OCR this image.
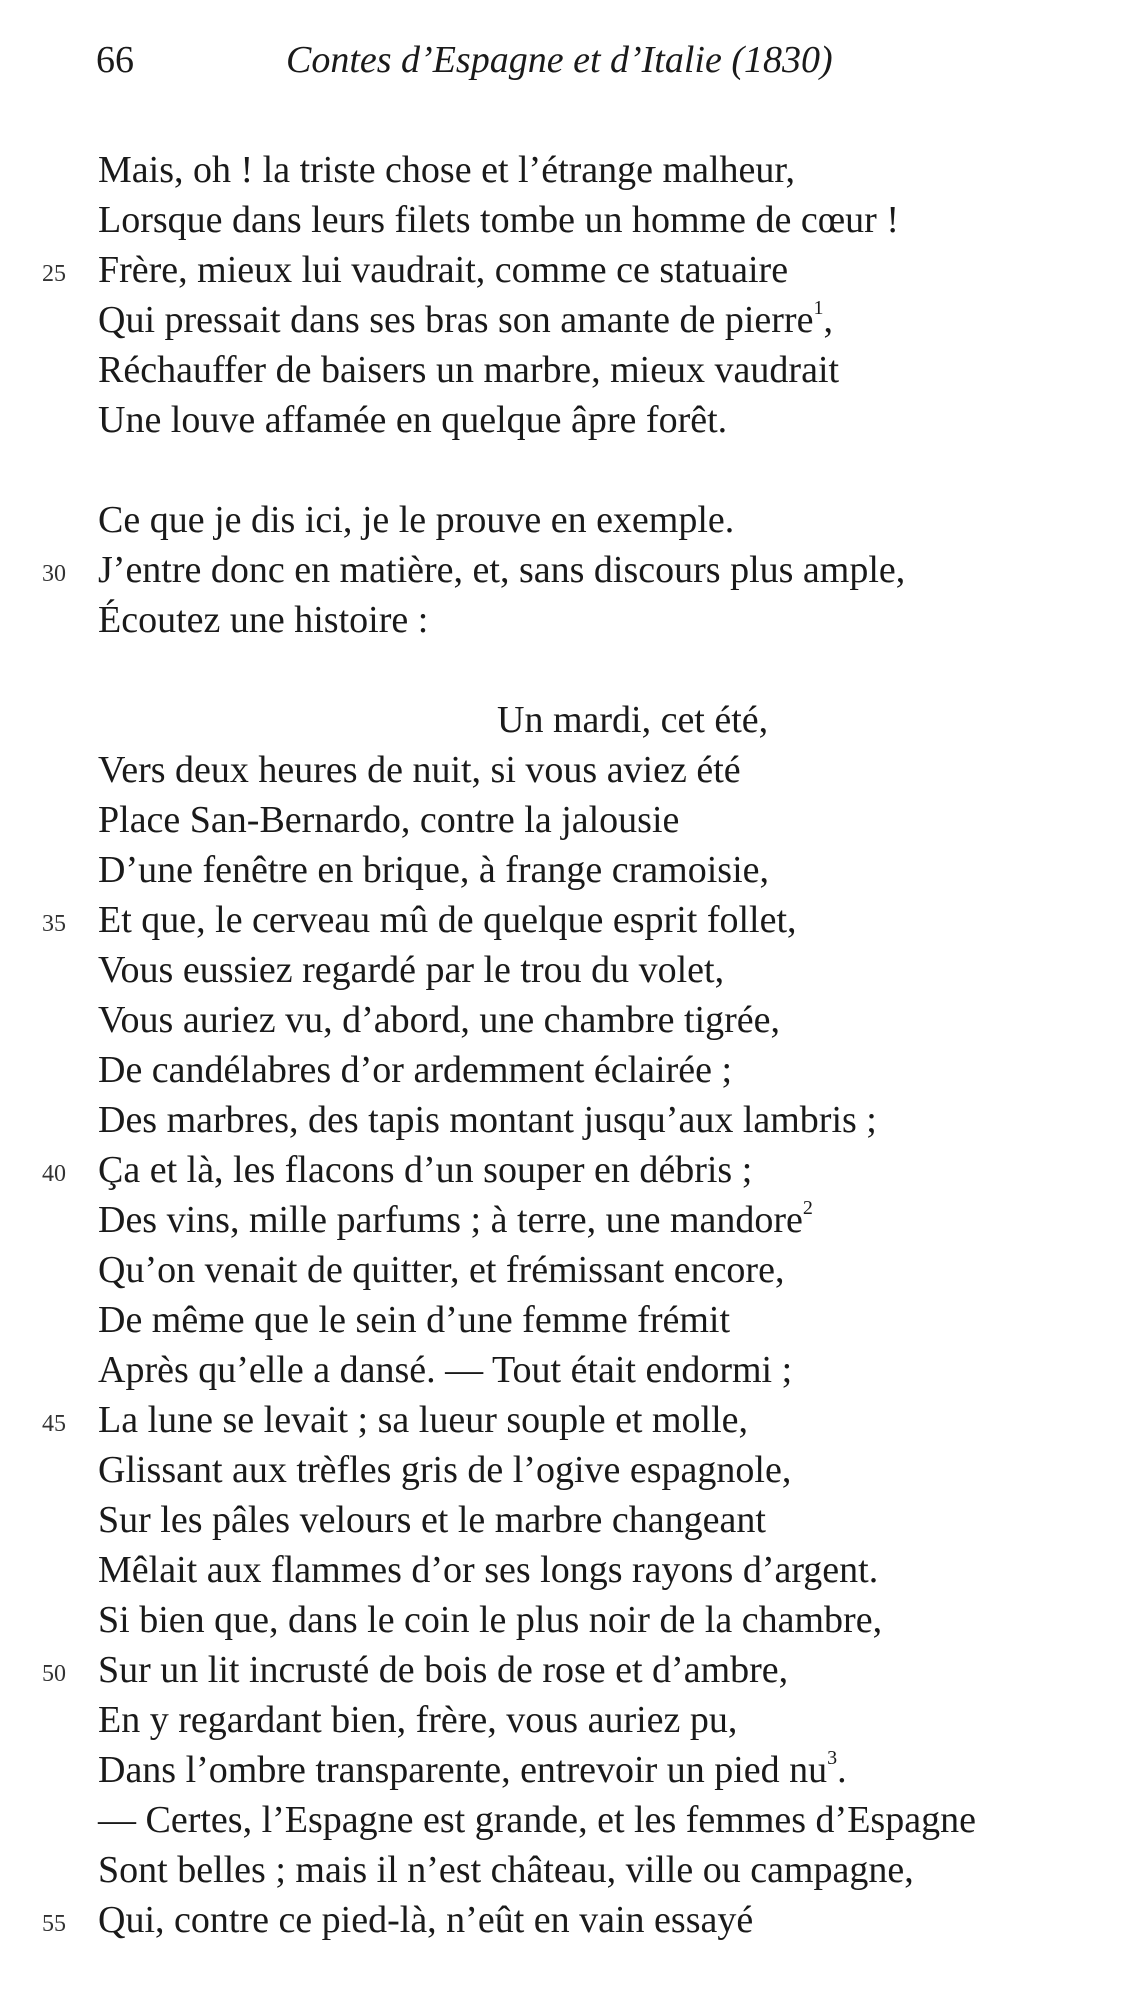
66	Contes d’Espagne et d’Italie (1830)
Mais, oh ! la triste chose et l’étrange malheur,
Lorsque dans leurs filets tombe un homme de cœur !
25 Frère, mieux lui vaudrait, comme ce statuaire
Qui pressait dans ses bras son amante de pierre$^1$,
Réchauffer de baisers un marbre, mieux vaudrait
Une louve affamée en quelque âpre forêt.
Ce que je dis ici, je le prouve en exemple.
30 J’entre donc en matière, et, sans discours plus ample,
Écoutez une histoire :
Un mardi, cet été,
Vers deux heures de nuit, si vous aviez été
Place San-Bernardo, contre la jalousie
D’une fenêtre en brique, à frange cramoisie,
35 Et que, le cerveau mû de quelque esprit follet,
Vous eussiez regardé par le trou du volet,
Vous auriez vu, d’abord, une chambre tigrée,
De candélabres d’or ardemment éclairée ;
Des marbres, des tapis montant jusqu’aux lambris ;
40 Ça et là, les flacons d’un souper en débris ;
Des vins, mille parfums ; à terre, une mandore$^2$
Qu’on venait de quitter, et frémissant encore,
De même que le sein d’une femme frémit
Après qu’elle a dansé. — Tout était endormi ;
45 La lune se levait ; sa lueur souple et molle,
Glissant aux trèfles gris de l’ogive espagnole,
Sur les pâles velours et le marbre changeant
Mêlait aux flammes d’or ses longs rayons d’argent.
Si bien que, dans le coin le plus noir de la chambre,
50 Sur un lit incrusté de bois de rose et d’ambre,
En y regardant bien, frère, vous auriez pu,
Dans l’ombre transparente, entrevoir un pied $nu^3$.
— Certes, l’Espagne est grande, et les femmes d’Espagne
Sont belles ; mais il n’est château, ville ou campagne,
55 Qui, contre ce pied-là, n’eût en vain essayé
